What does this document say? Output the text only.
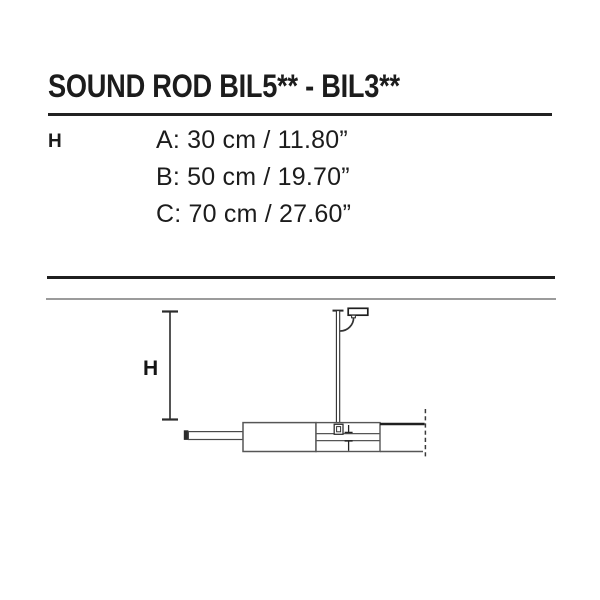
SOUND ROD BIL5** - BIL3**
H	A: 30 cm / 11.80”
B: 50 cm / 19.70”
C: 70 cm / 27.60”
H
